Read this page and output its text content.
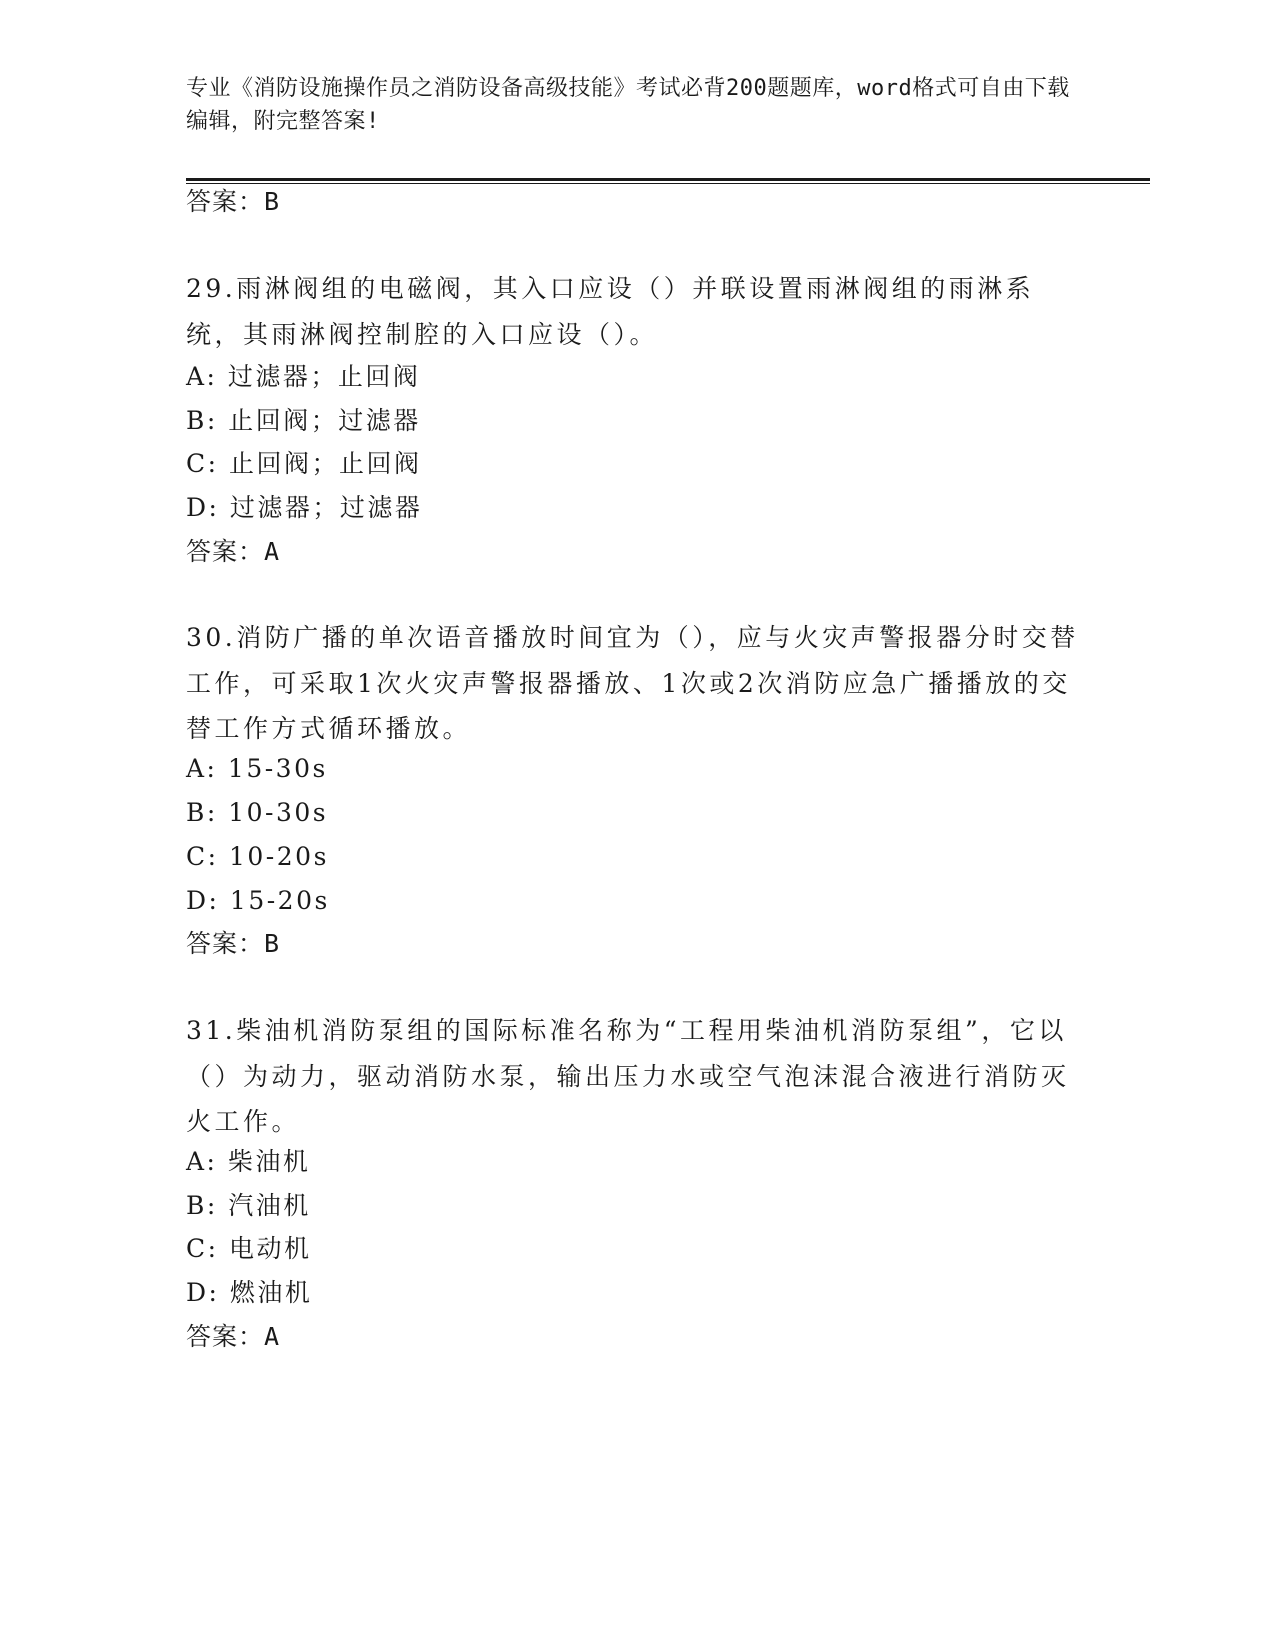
专业《消防设施操作员之消防设备高级技能》考试必背200题题库，word格式可自由下载编辑，附完整答案!
答案：B
29.雨淋阀组的电磁阀，其入口应设（）并联设置雨淋阀组的雨淋系统，其雨淋阀控制腔的入口应设（）。
A: 过滤器；止回阀
B: 止回阀；过滤器
C: 止回阀；止回阀
D: 过滤器；过滤器
答案：A
30.消防广播的单次语音播放时间宜为（），应与火灾声警报器分时交替工作，可采取1次火灾声警报器播放、1次或2次消防应急广播播放的交替工作方式循环播放。
A: 15-30s
B: 10-30s
C: 10-20s
D: 15-20s
答案：B
31.柴油机消防泵组的国际标准名称为“工程用柴油机消防泵组”，它以（）为动力，驱动消防水泵，输出压力水或空气泡沫混合液进行消防灭火工作。
A: 柴油机
B: 汽油机
C: 电动机
D: 燃油机
答案：A
